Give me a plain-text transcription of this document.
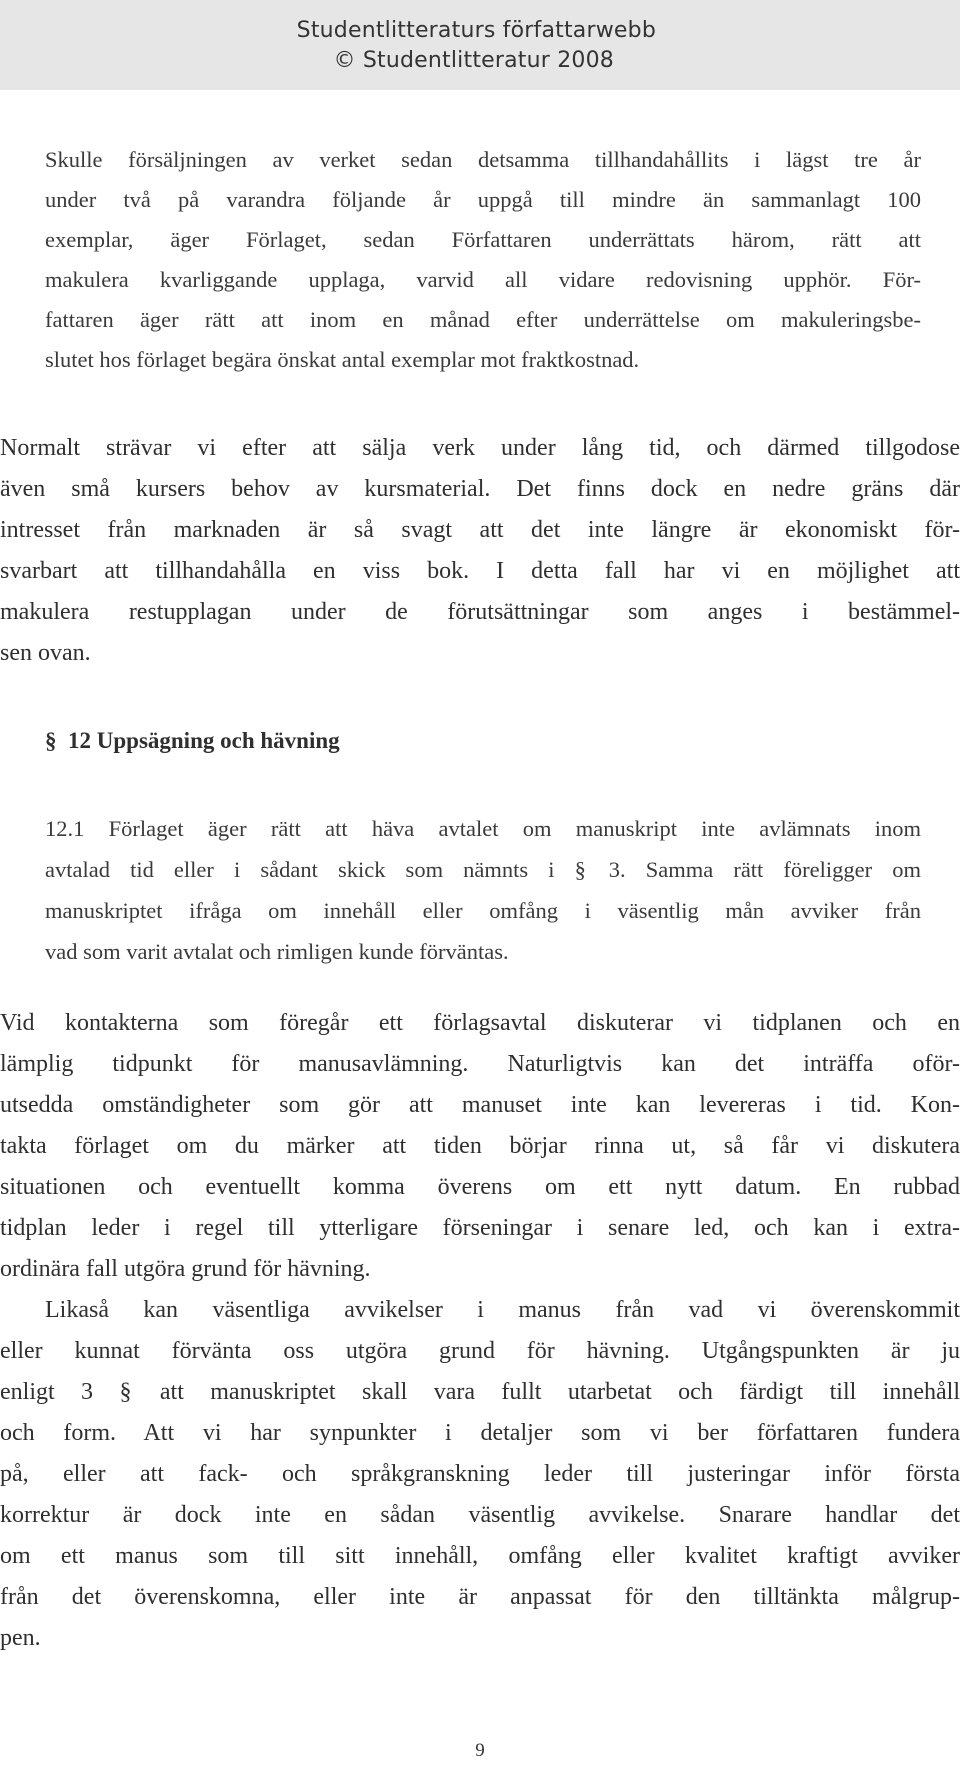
Studentlitteraturs författarwebb
© Studentlitteratur 2008
Skulle försäljningen av verket sedan detsamma tillhandahållits i lägst tre år
under två på varandra följande år uppgå till mindre än sammanlagt 100
exemplar, äger Förlaget, sedan Författaren underrättats härom, rätt att
makulera kvarliggande upplaga, varvid all vidare redovisning upphör. För-
fattaren äger rätt att inom en månad efter underrättelse om makuleringsbe-
slutet hos förlaget begära önskat antal exemplar mot fraktkostnad.
Normalt strävar vi efter att sälja verk under lång tid, och därmed tillgodose
även små kursers behov av kursmaterial. Det finns dock en nedre gräns där
intresset från marknaden är så svagt att det inte längre är ekonomiskt för-
svarbart att tillhandahålla en viss bok. I detta fall har vi en möjlighet att
makulera restupplagan under de förutsättningar som anges i bestämmel-
sen ovan.
§ 12 Uppsägning och hävning
12.1 Förlaget äger rätt att häva avtalet om manuskript inte avlämnats inom
avtalad tid eller i sådant skick som nämnts i § 3. Samma rätt föreligger om
manuskriptet ifråga om innehåll eller omfång i väsentlig mån avviker från
vad som varit avtalat och rimligen kunde förväntas.
Vid kontakterna som föregår ett förlagsavtal diskuterar vi tidplanen och en
lämplig tidpunkt för manusavlämning. Naturligtvis kan det inträffa oför-
utsedda omständigheter som gör att manuset inte kan levereras i tid. Kon-
takta förlaget om du märker att tiden börjar rinna ut, så får vi diskutera
situationen och eventuellt komma överens om ett nytt datum. En rubbad
tidplan leder i regel till ytterligare förseningar i senare led, och kan i extra-
ordinära fall utgöra grund för hävning.
Likaså kan väsentliga avvikelser i manus från vad vi överenskommit
eller kunnat förvänta oss utgöra grund för hävning. Utgångspunkten är ju
enligt 3 § att manuskriptet skall vara fullt utarbetat och färdigt till innehåll
och form. Att vi har synpunkter i detaljer som vi ber författaren fundera
på, eller att fack- och språkgranskning leder till justeringar inför första
korrektur är dock inte en sådan väsentlig avvikelse. Snarare handlar det
om ett manus som till sitt innehåll, omfång eller kvalitet kraftigt avviker
från det överenskomna, eller inte är anpassat för den tilltänkta målgrup-
pen.
9
